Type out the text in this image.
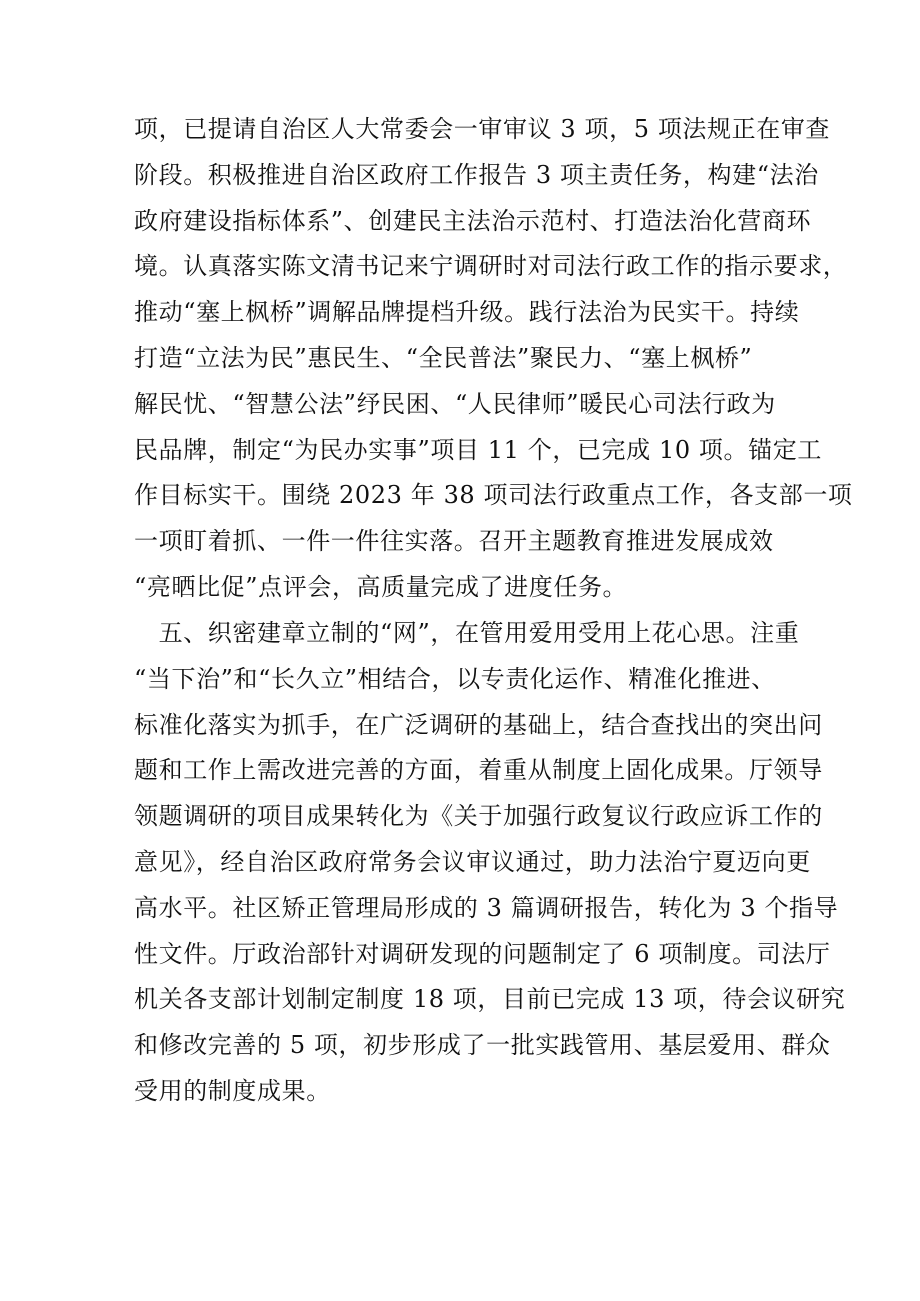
项，已提请自治区人大常委会一审审议 3 项，5 项法规正在审查
阶段。积极推进自治区政府工作报告 3 项主责任务，构建“法治
政府建设指标体系”、创建民主法治示范村、打造法治化营商环
境。认真落实陈文清书记来宁调研时对司法行政工作的指示要求，
推动“塞上枫桥”调解品牌提档升级。践行法治为民实干。持续
打造“立法为民”惠民生、“全民普法”聚民力、“塞上枫桥”
解民忧、“智慧公法”纾民困、“人民律师”暖民心司法行政为
民品牌，制定“为民办实事”项目 11 个，已完成 10 项。锚定工
作目标实干。围绕 2023 年 38 项司法行政重点工作，各支部一项
一项盯着抓、一件一件往实落。召开主题教育推进发展成效
“亮晒比促”点评会，高质量完成了进度任务。
　五、织密建章立制的“网”，在管用爱用受用上花心思。注重
“当下治”和“长久立”相结合，以专责化运作、精准化推进、
标准化落实为抓手，在广泛调研的基础上，结合查找出的突出问
题和工作上需改进完善的方面，着重从制度上固化成果。厅领导
领题调研的项目成果转化为《关于加强行政复议行政应诉工作的
意见》，经自治区政府常务会议审议通过，助力法治宁夏迈向更
高水平。社区矫正管理局形成的 3 篇调研报告，转化为 3 个指导
性文件。厅政治部针对调研发现的问题制定了 6 项制度。司法厅
机关各支部计划制定制度 18 项，目前已完成 13 项，待会议研究
和修改完善的 5 项，初步形成了一批实践管用、基层爱用、群众
受用的制度成果。
